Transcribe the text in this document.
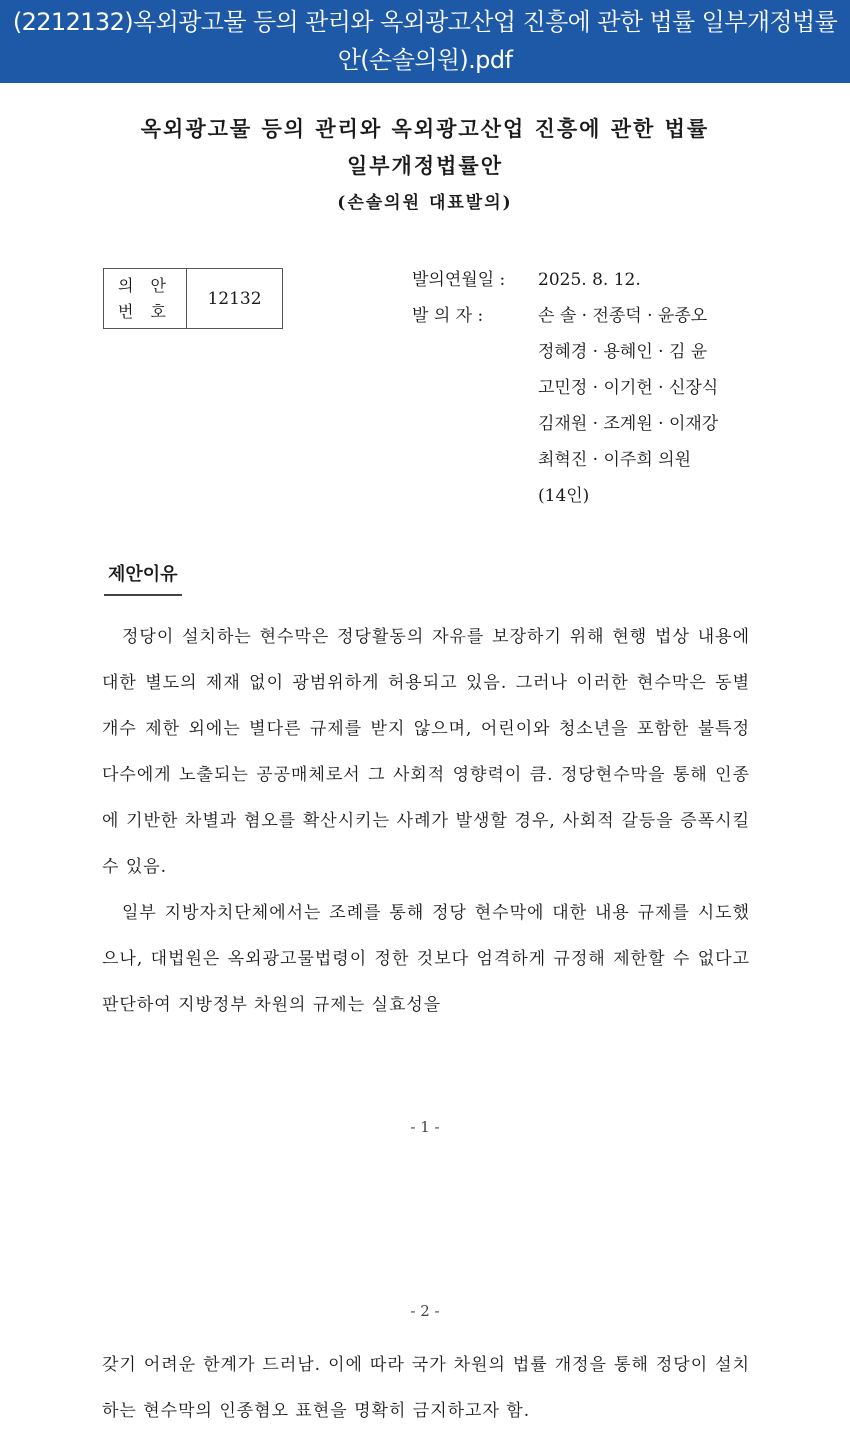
(2212132)옥외광고물 등의 관리와 옥외광고산업 진흥에 관한 법률 일부개정법률안(손솔의원).pdf
옥외광고물 등의 관리와 옥외광고산업 진흥에 관한 법률
일부개정법률안
(손솔의원 대표발의)
의 안
번 호
12132
발의연월일 : 2025. 8. 12.
발 의 자 :	손 솔 · 전종덕 · 윤종오
정혜경 · 용혜인 · 김 윤
고민정 · 이기헌 · 신장식
김재원 · 조계원 · 이재강
최혁진 · 이주희 의원
(14인)
제안이유

정당이 설치하는 현수막은 정당활동의 자유를 보장하기 위해 현행 법상 내용에 대한 별도의 제재 없이 광범위하게 허용되고 있음. 그러나 이러한 현수막은 동별 개수 제한 외에는 별다른 규제를 받지 않으며, 어린이와 청소년을 포함한 불특정 다수에게 노출되는 공공매체로서 그 사회적 영향력이 큼. 정당현수막을 통해 인종에 기반한 차별과 혐오를 확산시키는 사례가 발생할 경우, 사회적 갈등을 증폭시킬 수 있음.

일부 지방자치단체에서는 조례를 통해 정당 현수막에 대한 내용 규제를 시도했으나, 대법원은 옥외광고물법령이 정한 것보다 엄격하게 규정해 제한할 수 없다고 판단하여 지방정부 차원의 규제는 실효성을

- 1 -
- 2 -

갖기 어려운 한계가 드러남. 이에 따라 국가 차원의 법률 개정을 통해 정당이 설치하는 현수막의 인종혐오 표현을 명확히 금지하고자 함.
